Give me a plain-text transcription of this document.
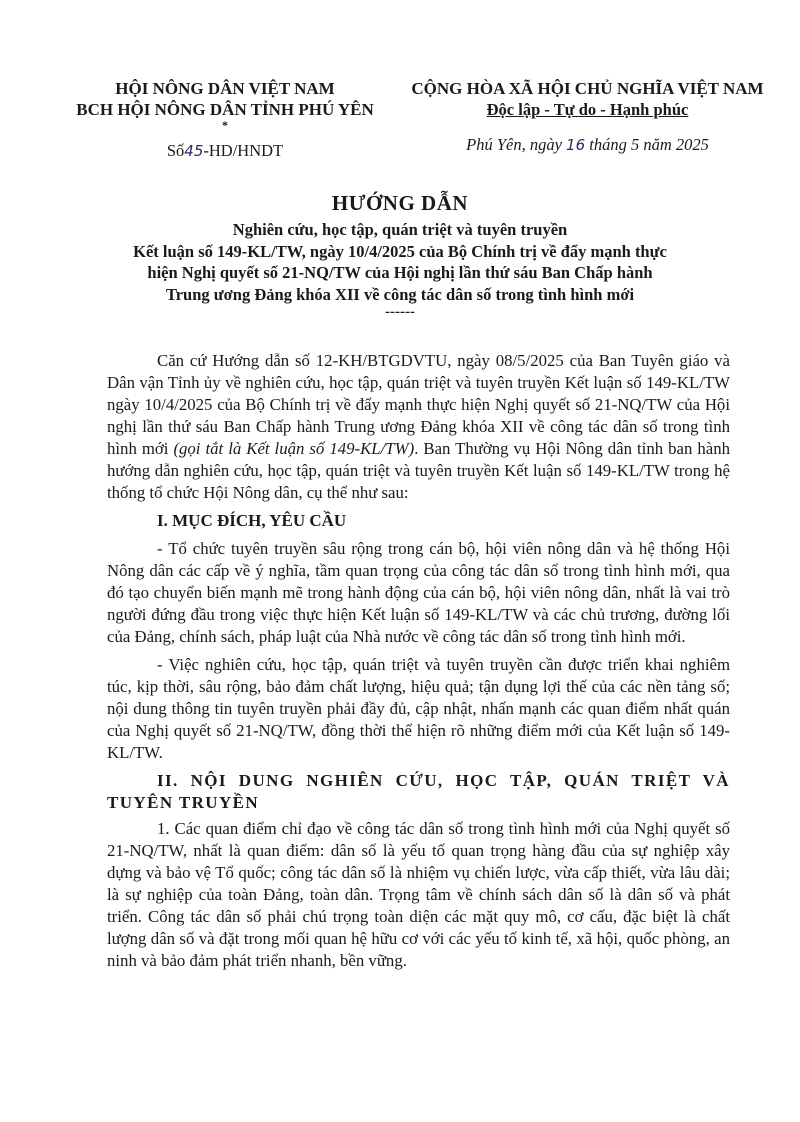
HỘI NÔNG DÂN VIỆT NAM
BCH HỘI NÔNG DÂN TỈNH PHÚ YÊN
*
Số45-HD/HNDT
CỘNG HÒA XÃ HỘI CHỦ NGHĨA VIỆT NAM
Độc lập - Tự do - Hạnh phúc
Phú Yên, ngày 16 tháng 5 năm 2025
HƯỚNG DẪN
Nghiên cứu, học tập, quán triệt và tuyên truyền
Kết luận số 149-KL/TW, ngày 10/4/2025 của Bộ Chính trị về đẩy mạnh thực
hiện Nghị quyết số 21-NQ/TW của Hội nghị lần thứ sáu Ban Chấp hành
Trung ương Đảng khóa XII về công tác dân số trong tình hình mới
------

Căn cứ Hướng dẫn số 12-KH/BTGDVTU, ngày 08/5/2025 của Ban Tuyên giáo và Dân vận Tỉnh ủy về nghiên cứu, học tập, quán triệt và tuyên truyền Kết luận số 149-KL/TW ngày 10/4/2025 của Bộ Chính trị về đẩy mạnh thực hiện Nghị quyết số 21-NQ/TW của Hội nghị lần thứ sáu Ban Chấp hành Trung ương Đảng khóa XII về công tác dân số trong tình hình mới (gọi tắt là Kết luận số 149-KL/TW). Ban Thường vụ Hội Nông dân tỉnh ban hành hướng dẫn nghiên cứu, học tập, quán triệt và tuyên truyền Kết luận số 149-KL/TW trong hệ thống tổ chức Hội Nông dân, cụ thể như sau:

I. MỤC ĐÍCH, YÊU CẦU

- Tổ chức tuyên truyền sâu rộng trong cán bộ, hội viên nông dân và hệ thống Hội Nông dân các cấp về ý nghĩa, tầm quan trọng của công tác dân số trong tình hình mới, qua đó tạo chuyển biến mạnh mẽ trong hành động của cán bộ, hội viên nông dân, nhất là vai trò người đứng đầu trong việc thực hiện Kết luận số 149-KL/TW và các chủ trương, đường lối của Đảng, chính sách, pháp luật của Nhà nước về công tác dân số trong tình hình mới.

- Việc nghiên cứu, học tập, quán triệt và tuyên truyền cần được triển khai nghiêm túc, kịp thời, sâu rộng, bảo đảm chất lượng, hiệu quả; tận dụng lợi thế của các nền tảng số; nội dung thông tin tuyên truyền phải đầy đủ, cập nhật, nhấn mạnh các quan điểm nhất quán của Nghị quyết số 21-NQ/TW, đồng thời thể hiện rõ những điểm mới của Kết luận số 149-KL/TW.

II. NỘI DUNG NGHIÊN CỨU, HỌC TẬP, QUÁN TRIỆT VÀ TUYÊN TRUYỀN

1. Các quan điểm chỉ đạo về công tác dân số trong tình hình mới của Nghị quyết số 21-NQ/TW, nhất là quan điểm: dân số là yếu tố quan trọng hàng đầu của sự nghiệp xây dựng và bảo vệ Tổ quốc; công tác dân số là nhiệm vụ chiến lược, vừa cấp thiết, vừa lâu dài; là sự nghiệp của toàn Đảng, toàn dân. Trọng tâm về chính sách dân số là dân số và phát triển. Công tác dân số phải chú trọng toàn diện các mặt quy mô, cơ cấu, đặc biệt là chất lượng dân số và đặt trong mối quan hệ hữu cơ với các yếu tố kinh tế, xã hội, quốc phòng, an ninh và bảo đảm phát triển nhanh, bền vững.
